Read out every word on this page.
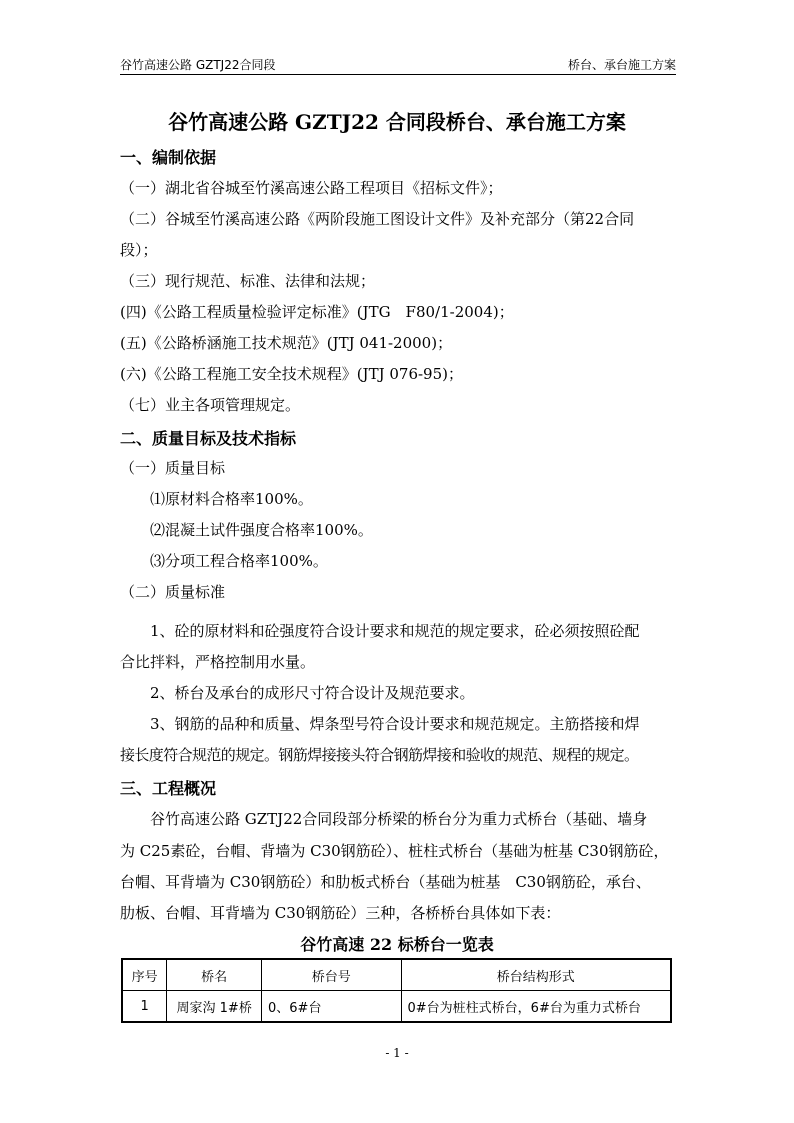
谷竹高速公路 GZTJ22合同段	桥台、承台施工方案
谷竹高速公路 GZTJ22 合同段桥台、承台施工方案
一、编制依据
（一）湖北省谷城至竹溪高速公路工程项目《招标文件》；
（二）谷城至竹溪高速公路《两阶段施工图设计文件》及补充部分（第22合同
段）；
（三）现行规范、标准、法律和法规；
(四)《公路工程质量检验评定标准》(JTG　F80/1-2004)；
(五)《公路桥涵施工技术规范》(JTJ 041-2000)；
(六)《公路工程施工安全技术规程》(JTJ 076-95)；
（七）业主各项管理规定。
二、质量目标及技术指标
（一）质量目标
⑴原材料合格率100%。
⑵混凝土试件强度合格率100%。
⑶分项工程合格率100%。
（二）质量标准
1、砼的原材料和砼强度符合设计要求和规范的规定要求，砼必须按照砼配
合比拌料，严格控制用水量。
2、桥台及承台的成形尺寸符合设计及规范要求。
3、钢筋的品种和质量、焊条型号符合设计要求和规范规定。主筋搭接和焊
接长度符合规范的规定。钢筋焊接接头符合钢筋焊接和验收的规范、规程的规定。
三、工程概况
谷竹高速公路 GZTJ22合同段部分桥梁的桥台分为重力式桥台（基础、墙身
为 C25素砼，台帽、背墙为 C30钢筋砼）、桩柱式桥台（基础为桩基 C30钢筋砼，
台帽、耳背墙为 C30钢筋砼）和肋板式桥台（基础为桩基　C30钢筋砼，承台、
肋板、台帽、耳背墙为 C30钢筋砼）三种，各桥桥台具体如下表：
谷竹高速 22 标桥台一览表
序号	桥名	桥台号	桥台结构形式
1	周家沟 1#桥	0、6#台	0#台为桩柱式桥台，6#台为重力式桥台
- 1 -
